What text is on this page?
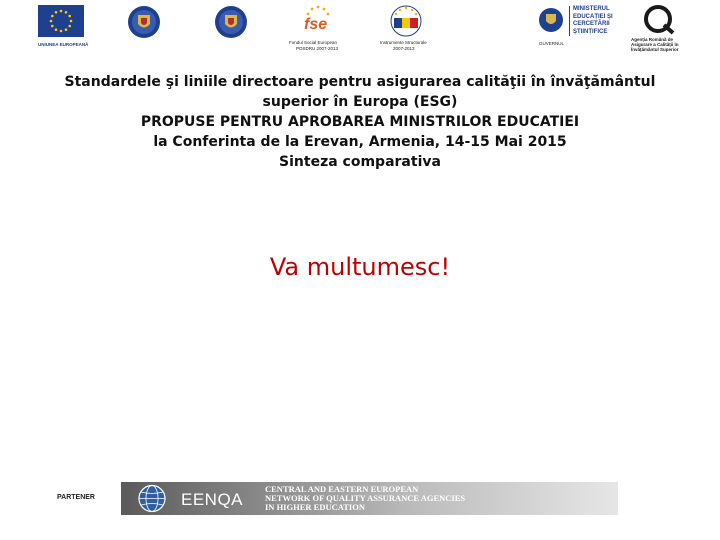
UNIUNEA EUROPEANĂ
fse
Fondul Social European
POSDRU 2007-2013
Instrumente Structurale
2007-2013
GUVERNUL
MINISTERUL
EDUCAȚIEI ȘI
CERCETĂRII
ȘTIINȚIFICE
Q
Agenția Română de
Asigurare a Calității în
Învățământul Superior
Standardele şi liniile directoare pentru asigurarea calităţii în învăţământul
superior în Europa (ESG)
PROPUSE PENTRU APROBAREA MINISTRILOR EDUCATIEI
la Conferinta de la Erevan, Armenia, 14-15 Mai 2015
Sinteza comparativa
Va multumesc!
PARTENER	EENQA
CENTRAL AND EASTERN EUROPEAN
NETWORK OF QUALITY ASSURANCE AGENCIES
IN HIGHER EDUCATION
